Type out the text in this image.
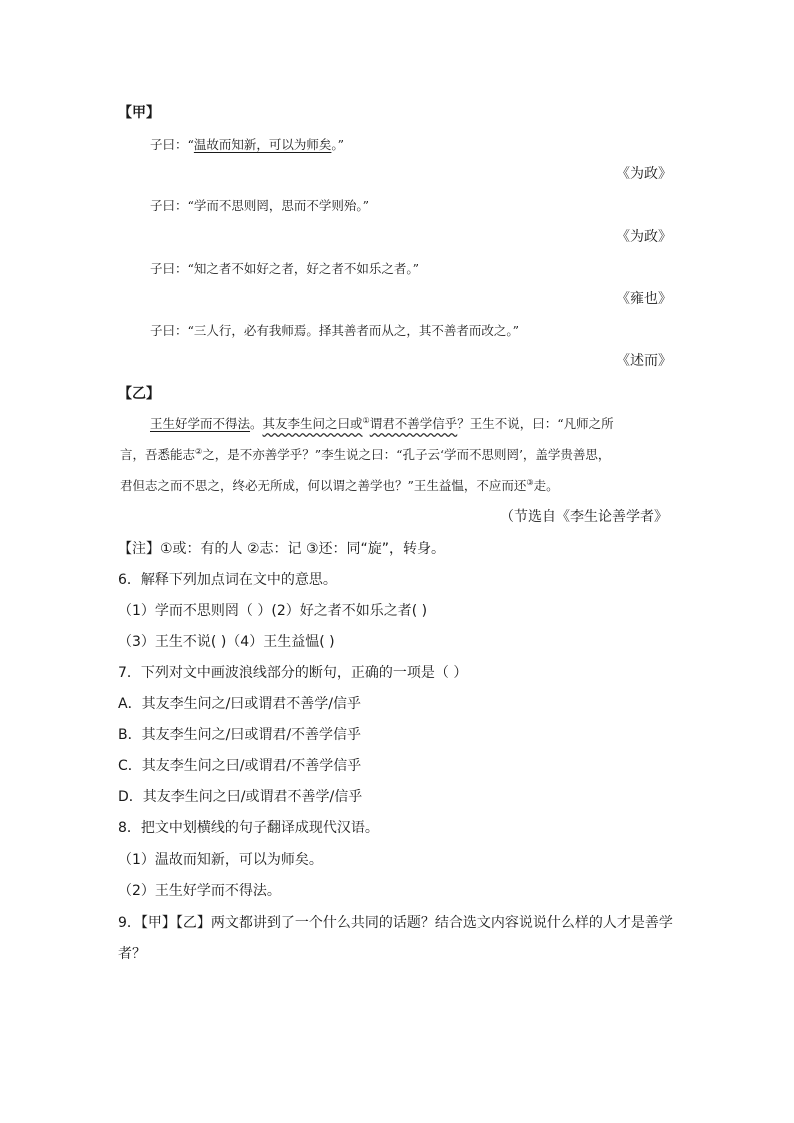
【甲】
子曰：“温故而知新，可以为师矣。”
《为政》
子曰：“学而不思则罔，思而不学则殆。”
《为政》
子曰：“知之者不如好之者，好之者不如乐之者。”
《雍也》
子曰：“三人行，必有我师焉。择其善者而从之，其不善者而改之。”
《述而》
【乙】
王生好学而不得法。其友李生问之曰或①谓君不善学信乎？王生不说，曰：“凡师之所
言，吾悉能志②之，是不亦善学乎？”李生说之曰：“孔子云‘学而不思则罔’，盖学贵善思，
君但志之而不思之，终必无所成，何以谓之善学也？”王生益愠，不应而还③走。
（节选自《李生论善学者》
【注】①或：有的人 ②志：记 ③还：同“旋”，转身。
6．解释下列加点词在文中的意思。
（1）学而不思则罔（ ）(2）好之者不如乐之者( )
（3）王生不说( )（4）王生益愠( )
7．下列对文中画波浪线部分的断句，正确的一项是（ ）
A．其友李生问之/曰或谓君不善学/信乎
B．其友李生问之/曰或谓君/不善学信乎
C．其友李生问之曰/或谓君/不善学信乎
D．其友李生问之曰/或谓君不善学/信乎
8．把文中划横线的句子翻译成现代汉语。
（1）温故而知新，可以为师矣。
（2）王生好学而不得法。
9．【甲】【乙】两文都讲到了一个什么共同的话题？结合选文内容说说什么样的人才是善学
者？
